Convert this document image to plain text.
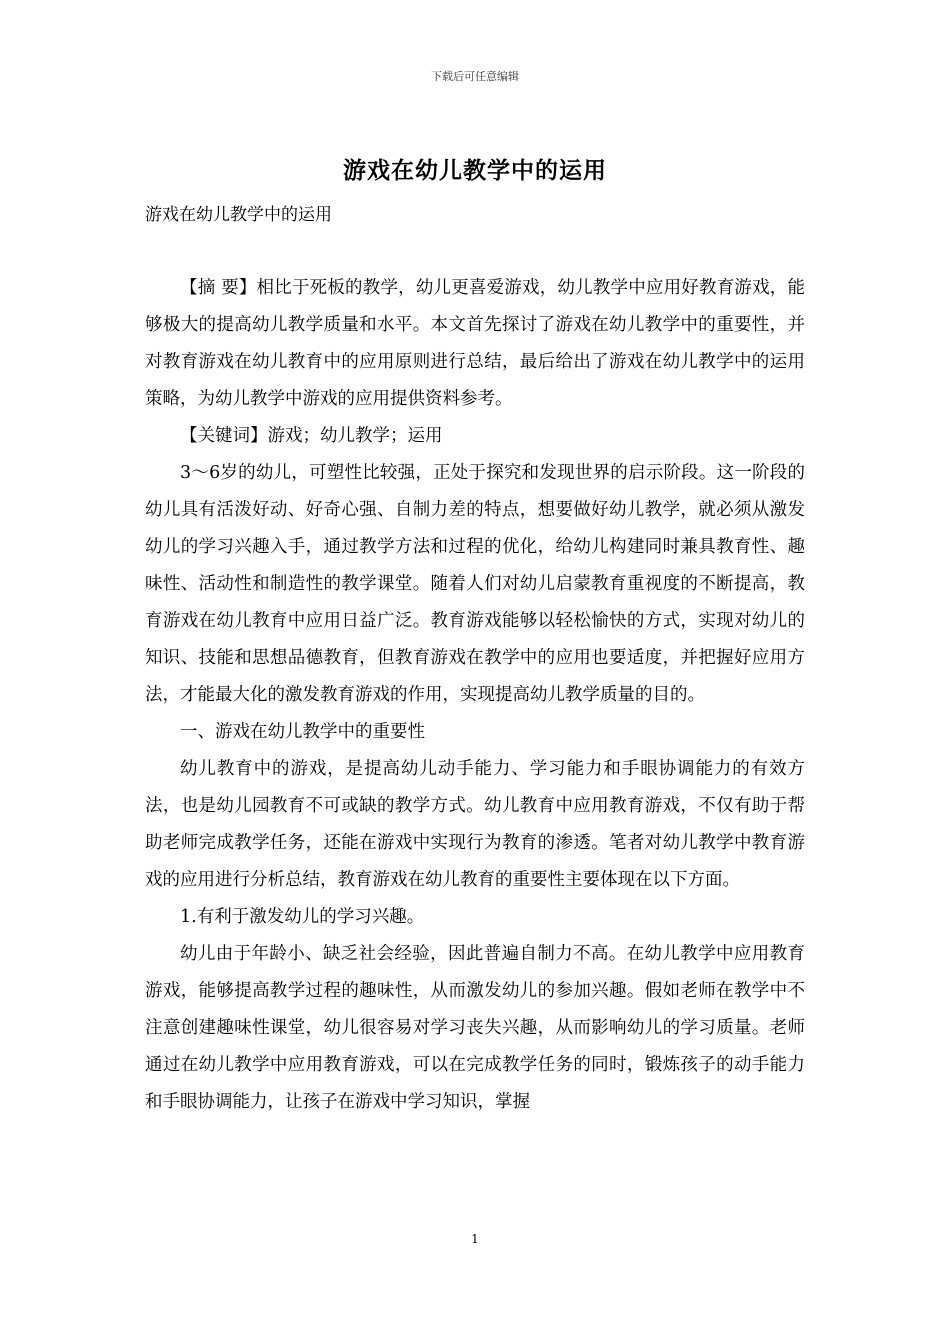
下载后可任意编辑
游戏在幼儿教学中的运用
游戏在幼儿教学中的运用

【摘 要】相比于死板的教学，幼儿更喜爱游戏，幼儿教学中应用好教育游戏，能够极大的提高幼儿教学质量和水平。本文首先探讨了游戏在幼儿教学中的重要性，并对教育游戏在幼儿教育中的应用原则进行总结，最后给出了游戏在幼儿教学中的运用策略，为幼儿教学中游戏的应用提供资料参考。

【关键词】游戏；幼儿教学；运用

3～6岁的幼儿，可塑性比较强，正处于探究和发现世界的启示阶段。这一阶段的幼儿具有活泼好动、好奇心强、自制力差的特点，想要做好幼儿教学，就必须从激发幼儿的学习兴趣入手，通过教学方法和过程的优化，给幼儿构建同时兼具教育性、趣味性、活动性和制造性的教学课堂。随着人们对幼儿启蒙教育重视度的不断提高，教育游戏在幼儿教育中应用日益广泛。教育游戏能够以轻松愉快的方式，实现对幼儿的知识、技能和思想品德教育，但教育游戏在教学中的应用也要适度，并把握好应用方法，才能最大化的激发教育游戏的作用，实现提高幼儿教学质量的目的。

一、游戏在幼儿教学中的重要性

幼儿教育中的游戏，是提高幼儿动手能力、学习能力和手眼协调能力的有效方法，也是幼儿园教育不可或缺的教学方式。幼儿教育中应用教育游戏，不仅有助于帮助老师完成教学任务，还能在游戏中实现行为教育的渗透。笔者对幼儿教学中教育游戏的应用进行分析总结，教育游戏在幼儿教育的重要性主要体现在以下方面。

1.有利于激发幼儿的学习兴趣。

幼儿由于年龄小、缺乏社会经验，因此普遍自制力不高。在幼儿教学中应用教育游戏，能够提高教学过程的趣味性，从而激发幼儿的参加兴趣。假如老师在教学中不注意创建趣味性课堂，幼儿很容易对学习丧失兴趣，从而影响幼儿的学习质量。老师通过在幼儿教学中应用教育游戏，可以在完成教学任务的同时，锻炼孩子的动手能力和手眼协调能力，让孩子在游戏中学习知识，掌握

1
